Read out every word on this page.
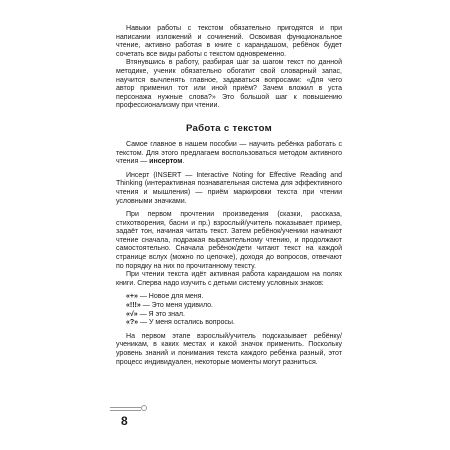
Навыки работы с текстом обязательно пригодятся и при написании изложений и сочинений. Освоивая функциональное чтение, активно работая в книге с карандашом, ребёнок будет сочетать все виды работы с текстом одновременно.

Втянувшись в работу, разбирая шаг за шагом текст по данной методике, ученик обязательно обогатит свой словарный запас, научится вычленять главное, задаваться вопросами: «Для чего автор применил тот или иной приём? Зачем вложил в уста персонажа нужные слова?» Это большой шаг к повышению профессионализму при чтении.

Работа с текстом

Самое главное в нашем пособии — научить ребёнка работать с текстом. Для этого предлагаем воспользоваться методом активного чтения — инсертом.

Инсерт (INSERT — Interactive Noting for Effective Reading and Thinking (интерактивная познавательная система для эффективного чтения и мышления) — приём маркировки текста при чтении условными значками.

При первом прочтении произведения (сказки, рассказа, стихотворения, басни и пр.) взрослый/учитель показывает пример, задаёт тон, начиная читать текст. Затем ребёнок/ученики начинают чтение сначала, подражая выразительному чтению, и продолжают самостоятельно. Сначала ребёнок/дети читают текст на каждой странице вслух (можно по цепочке), доходя до вопросов, отвечают по порядку на них по прочитанному тексту.

При чтении текста идёт активная работа карандашом на полях книги. Сперва надо изучить с детьми систему условных знаков:

«+» — Новое для меня.
«!!!» — Это меня удивило.
«√» — Я это знал.
«?» — У меня остались вопросы.

На первом этапе взрослый/учитель подсказывает ребёнку/ученикам, в каких местах и какой значок применить. Поскольку уровень знаний и понимания текста каждого ребёнка разный, этот процесс индивидуален, некоторые моменты могут разниться.

8
